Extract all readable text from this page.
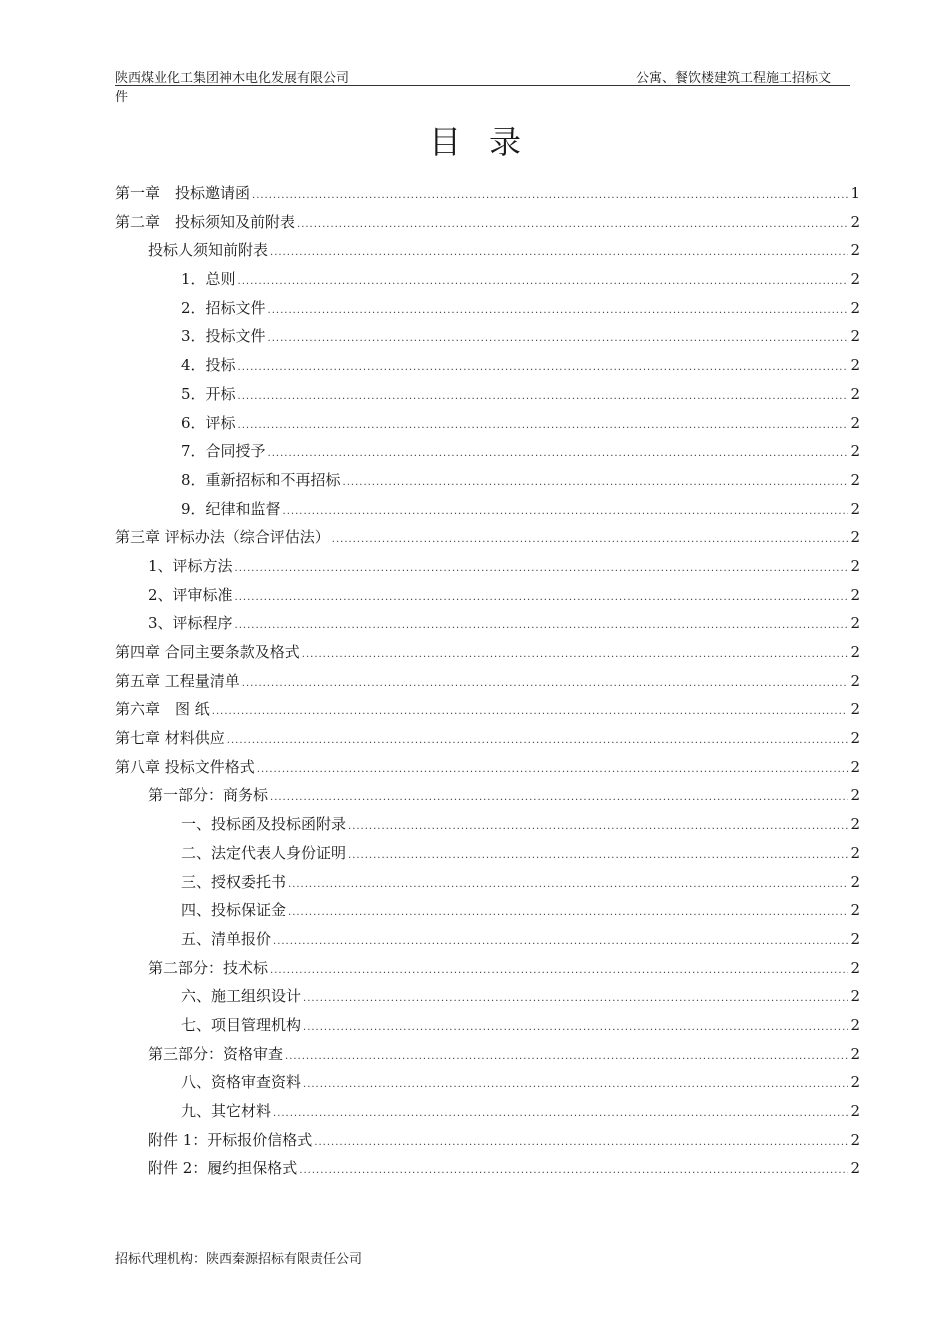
陕西煤业化工集团神木电化发展有限公司
件
公寓、餐饮楼建筑工程施工招标文
目录
第一章　投标邀请函 .....	1
第二章　投标须知及前附表 .....	2
投标人须知前附表 .....	2
1．总则 .....	2
2．招标文件 .....	2
3．投标文件 .....	2
4．投标 .....	2
5．开标 .....	2
6．评标 .....	2
7．合同授予 .....	2
8．重新招标和不再招标 .....	2
9．纪律和监督 .....	2
第三章 评标办法（综合评估法） .....	2
1、评标方法 .....	2
2、评审标准 .....	2
3、评标程序 .....	2
第四章 合同主要条款及格式 .....	2
第五章 工程量清单 .....	2
第六章　图 纸 .....	2
第七章 材料供应 .....	2
第八章 投标文件格式 .....	2
第一部分：商务标 .....	2
一、投标函及投标函附录 .....	2
二、法定代表人身份证明 .....	2
三、授权委托书 .....	2
四、投标保证金 .....	2
五、清单报价 .....	2
第二部分：技术标 .....	2
六、施工组织设计 .....	2
七、项目管理机构 .....	2
第三部分：资格审查 .....	2
八、资格审查资料 .....	2
九、其它材料 .....	2
附件 1：开标报价信格式 .....	2
附件 2：履约担保格式 .....	2
招标代理机构：陕西秦源招标有限责任公司
